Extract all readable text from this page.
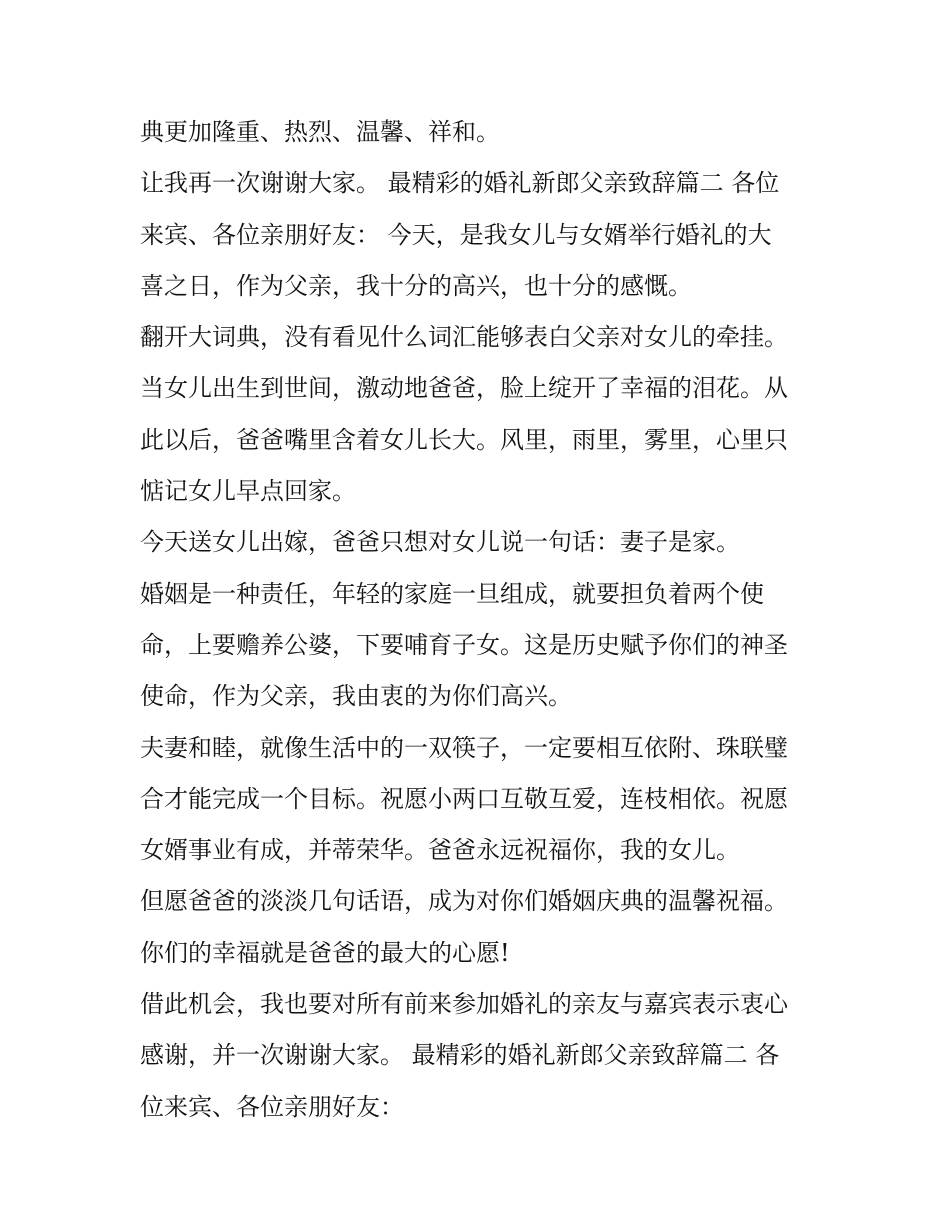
典更加隆重、热烈、温馨、祥和。
让我再一次谢谢大家。 最精彩的婚礼新郎父亲致辞篇二 各位
来宾、各位亲朋好友： 今天，是我女儿与女婿举行婚礼的大
喜之日，作为父亲，我十分的高兴，也十分的感慨。
翻开大词典，没有看见什么词汇能够表白父亲对女儿的牵挂。
当女儿出生到世间，激动地爸爸，脸上绽开了幸福的泪花。从
此以后，爸爸嘴里含着女儿长大。风里，雨里，雾里，心里只
惦记女儿早点回家。
今天送女儿出嫁，爸爸只想对女儿说一句话：妻子是家。
婚姻是一种责任，年轻的家庭一旦组成，就要担负着两个使
命，上要赡养公婆，下要哺育子女。这是历史赋予你们的神圣
使命，作为父亲，我由衷的为你们高兴。
夫妻和睦，就像生活中的一双筷子，一定要相互依附、珠联璧
合才能完成一个目标。祝愿小两口互敬互爱，连枝相依。祝愿
女婿事业有成，并蒂荣华。爸爸永远祝福你，我的女儿。
但愿爸爸的淡淡几句话语，成为对你们婚姻庆典的温馨祝福。
你们的幸福就是爸爸的最大的心愿!
借此机会，我也要对所有前来参加婚礼的亲友与嘉宾表示衷心
感谢，并一次谢谢大家。 最精彩的婚礼新郎父亲致辞篇二 各
位来宾、各位亲朋好友：
